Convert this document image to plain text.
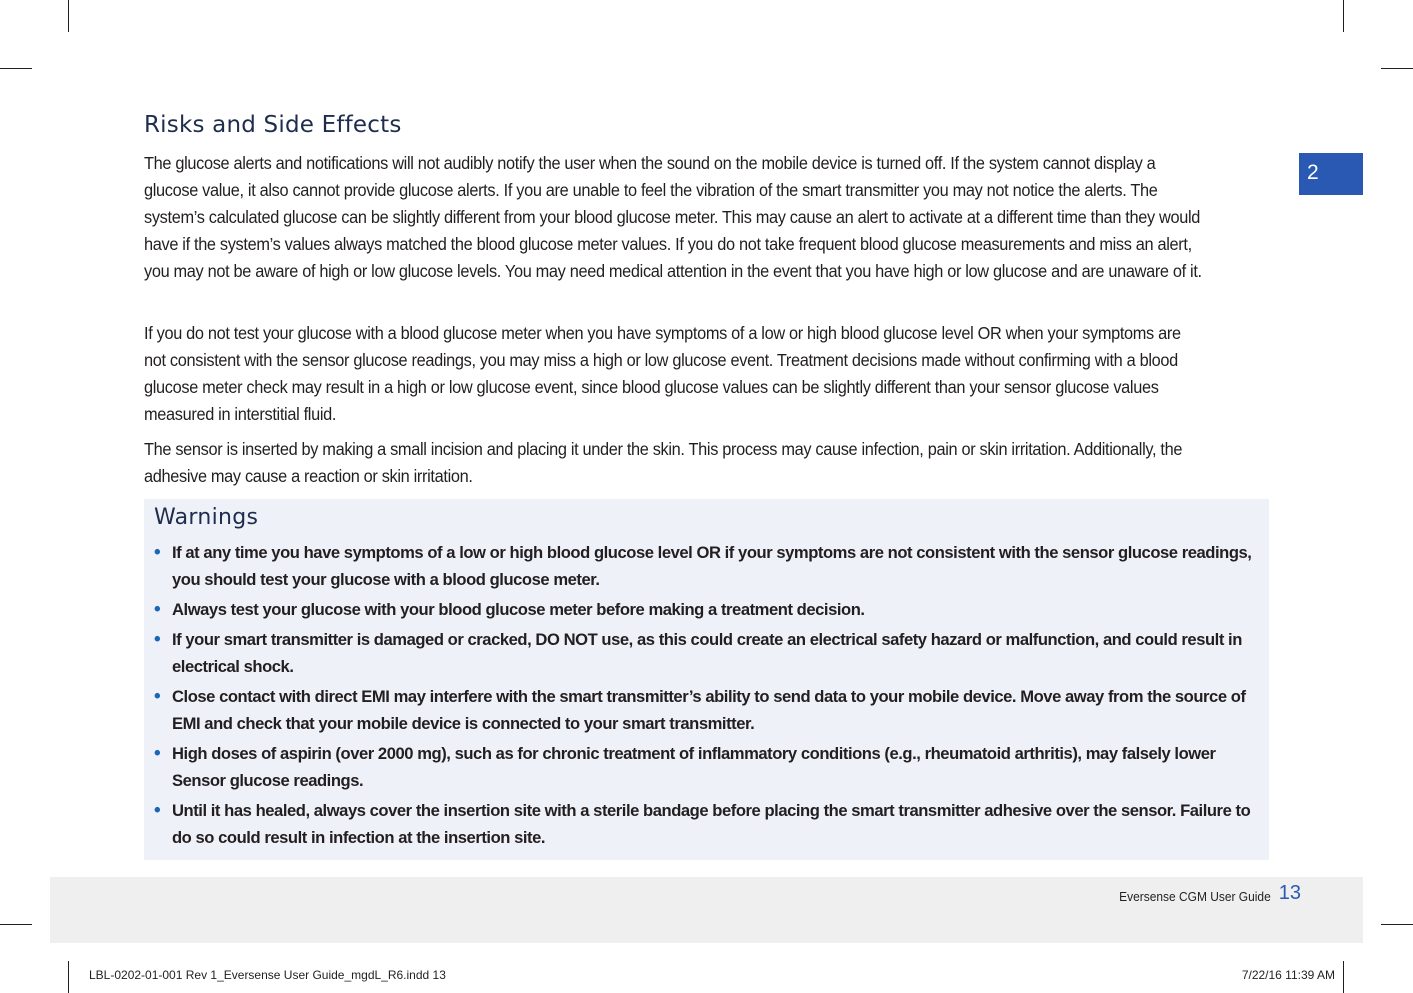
Risks and Side Effects
The glucose alerts and notifications will not audibly notify the user when the sound on the mobile device is turned off. If the system cannot display a glucose value, it also cannot provide glucose alerts. If you are unable to feel the vibration of the smart transmitter you may not notice the alerts. The system’s calculated glucose can be slightly different from your blood glucose meter. This may cause an alert to activate at a different time than they would have if the system’s values always matched the blood glucose meter values. If you do not take frequent blood glucose measurements and miss an alert, you may not be aware of high or low glucose levels. You may need medical attention in the event that you have high or low glucose and are unaware of it.
If you do not test your glucose with a blood glucose meter when you have symptoms of a low or high blood glucose level OR when your symptoms are not consistent with the sensor glucose readings, you may miss a high or low glucose event. Treatment decisions made without confirming with a blood glucose meter check may result in a high or low glucose event, since blood glucose values can be slightly different than your sensor glucose values measured in interstitial fluid.
The sensor is inserted by making a small incision and placing it under the skin. This process may cause infection, pain or skin irritation. Additionally, the adhesive may cause a reaction or skin irritation.
Warnings
• If at any time you have symptoms of a low or high blood glucose level OR if your symptoms are not consistent with the sensor glucose readings, you should test your glucose with a blood glucose meter.
• Always test your glucose with your blood glucose meter before making a treatment decision.
• If your smart transmitter is damaged or cracked, DO NOT use, as this could create an electrical safety hazard or malfunction, and could result in electrical shock.
• Close contact with direct EMI may interfere with the smart transmitter’s ability to send data to your mobile device. Move away from the source of EMI and check that your mobile device is connected to your smart transmitter.
• High doses of aspirin (over 2000 mg), such as for chronic treatment of inflammatory conditions (e.g., rheumatoid arthritis), may falsely lower Sensor glucose readings.
• Until it has healed, always cover the insertion site with a sterile bandage before placing the smart transmitter adhesive over the sensor. Failure to do so could result in infection at the insertion site.
2
Eversense CGM User Guide 13
LBL-0202-01-001 Rev 1_Eversense User Guide_mgdL_R6.indd 13	7/22/16 11:39 AM
